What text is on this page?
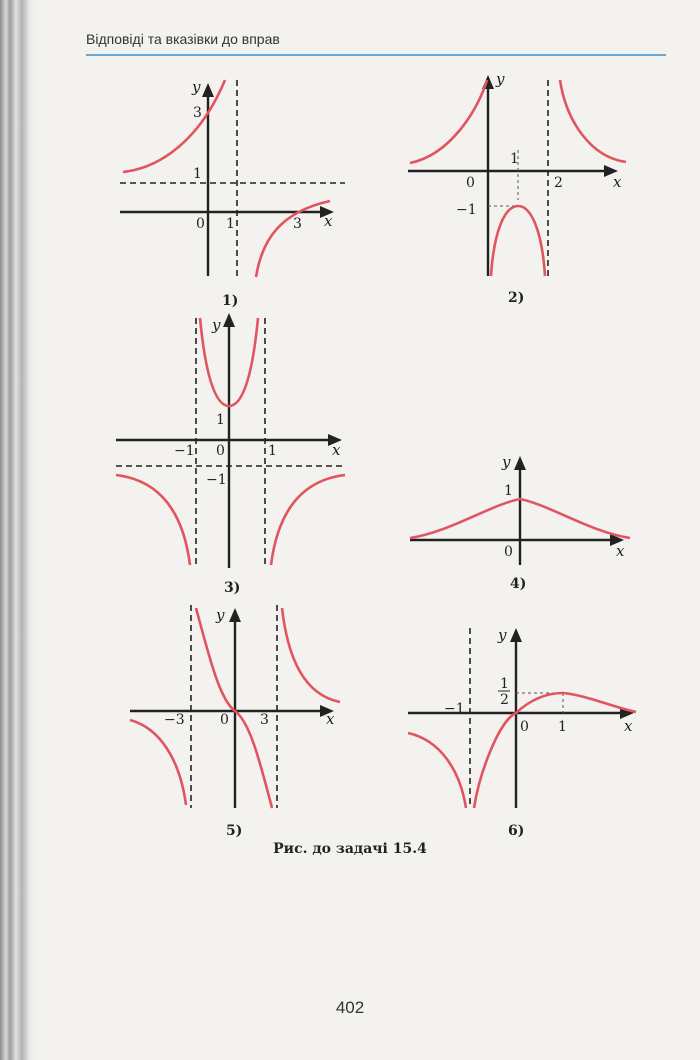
Відповіді та вказівки до вправ
y
x
3
1
0 1	3
1)
y
x
1
0	2
−1
2)
y
x
1
−1 0	1
−1
3)
y
x
1
0
4)
y
x
−3	0 3
5)
y
x
−1
0 1
1
2
6)
Рис. до задачі 15.4
402
